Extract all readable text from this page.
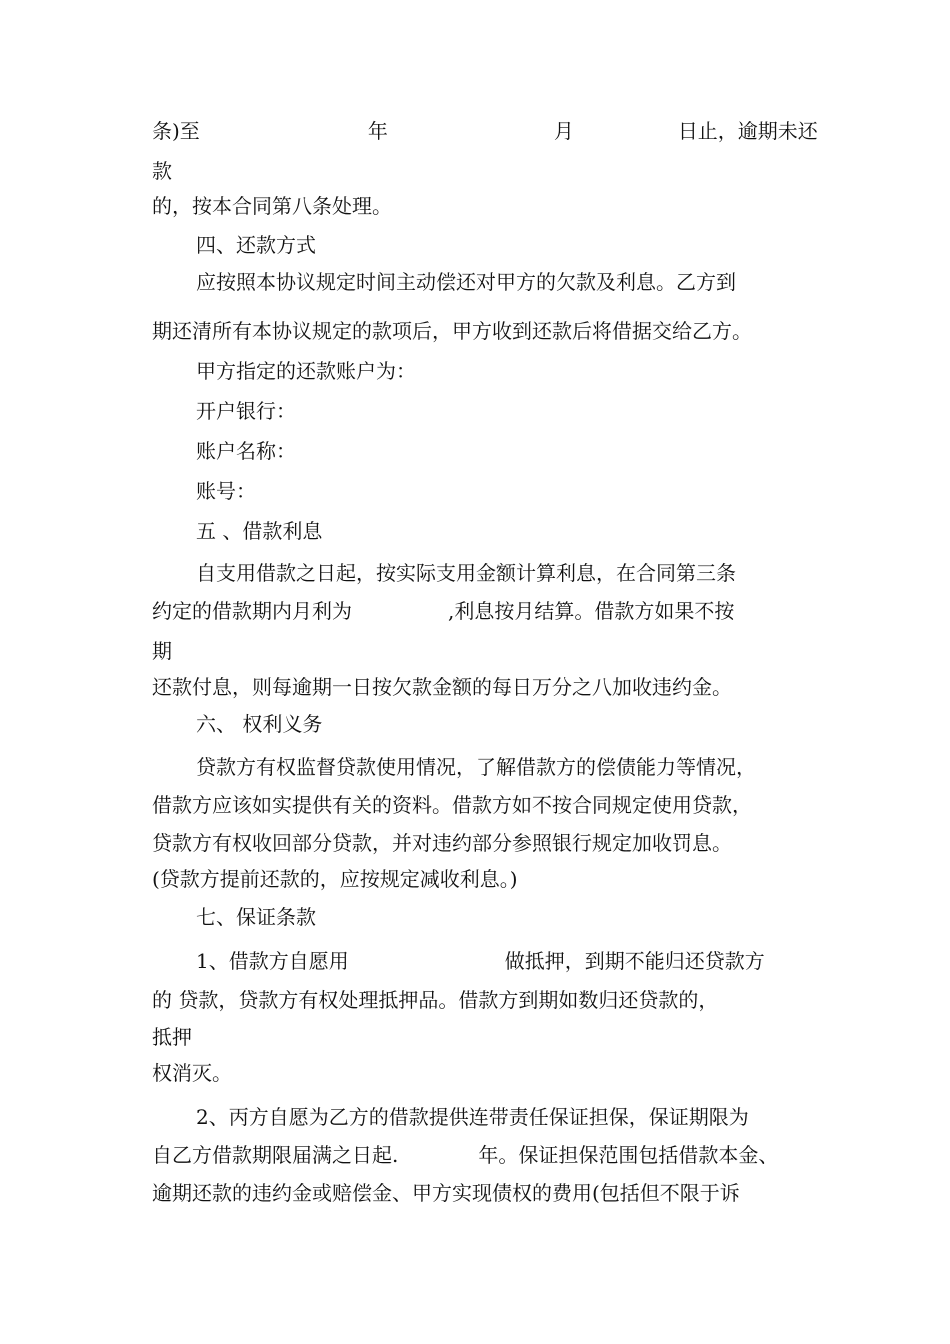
条)至	年	月	日止，逾期未还

款

的，按本合同第八条处理。

四、还款方式

应按照本协议规定时间主动偿还对甲方的欠款及利息。乙方到

期还清所有本协议规定的款项后，甲方收到还款后将借据交给乙方。

甲方指定的还款账户为：

开户银行：

账户名称：

账号：

五 、借款利息

自支用借款之日起，按实际支用金额计算利息，在合同第三条

约定的借款期内月利为	,利息按月结算。借款方如果不按

期

还款付息，则每逾期一日按欠款金额的每日万分之八加收违约金。

六、 权利义务

贷款方有权监督贷款使用情况，了解借款方的偿债能力等情况，

借款方应该如实提供有关的资料。借款方如不按合同规定使用贷款，

贷款方有权收回部分贷款，并对违约部分参照银行规定加收罚息。

(贷款方提前还款的，应按规定减收利息。)

七、保证条款

1、借款方自愿用	做抵押，到期不能归还贷款方

的 贷款，贷款方有权处理抵押品。借款方到期如数归还贷款的，

抵押

权消灭。

2、丙方自愿为乙方的借款提供连带责任保证担保，保证期限为

自乙方借款期限届满之日起.	年。保证担保范围包括借款本金、

逾期还款的违约金或赔偿金、甲方实现债权的费用(包括但不限于诉
